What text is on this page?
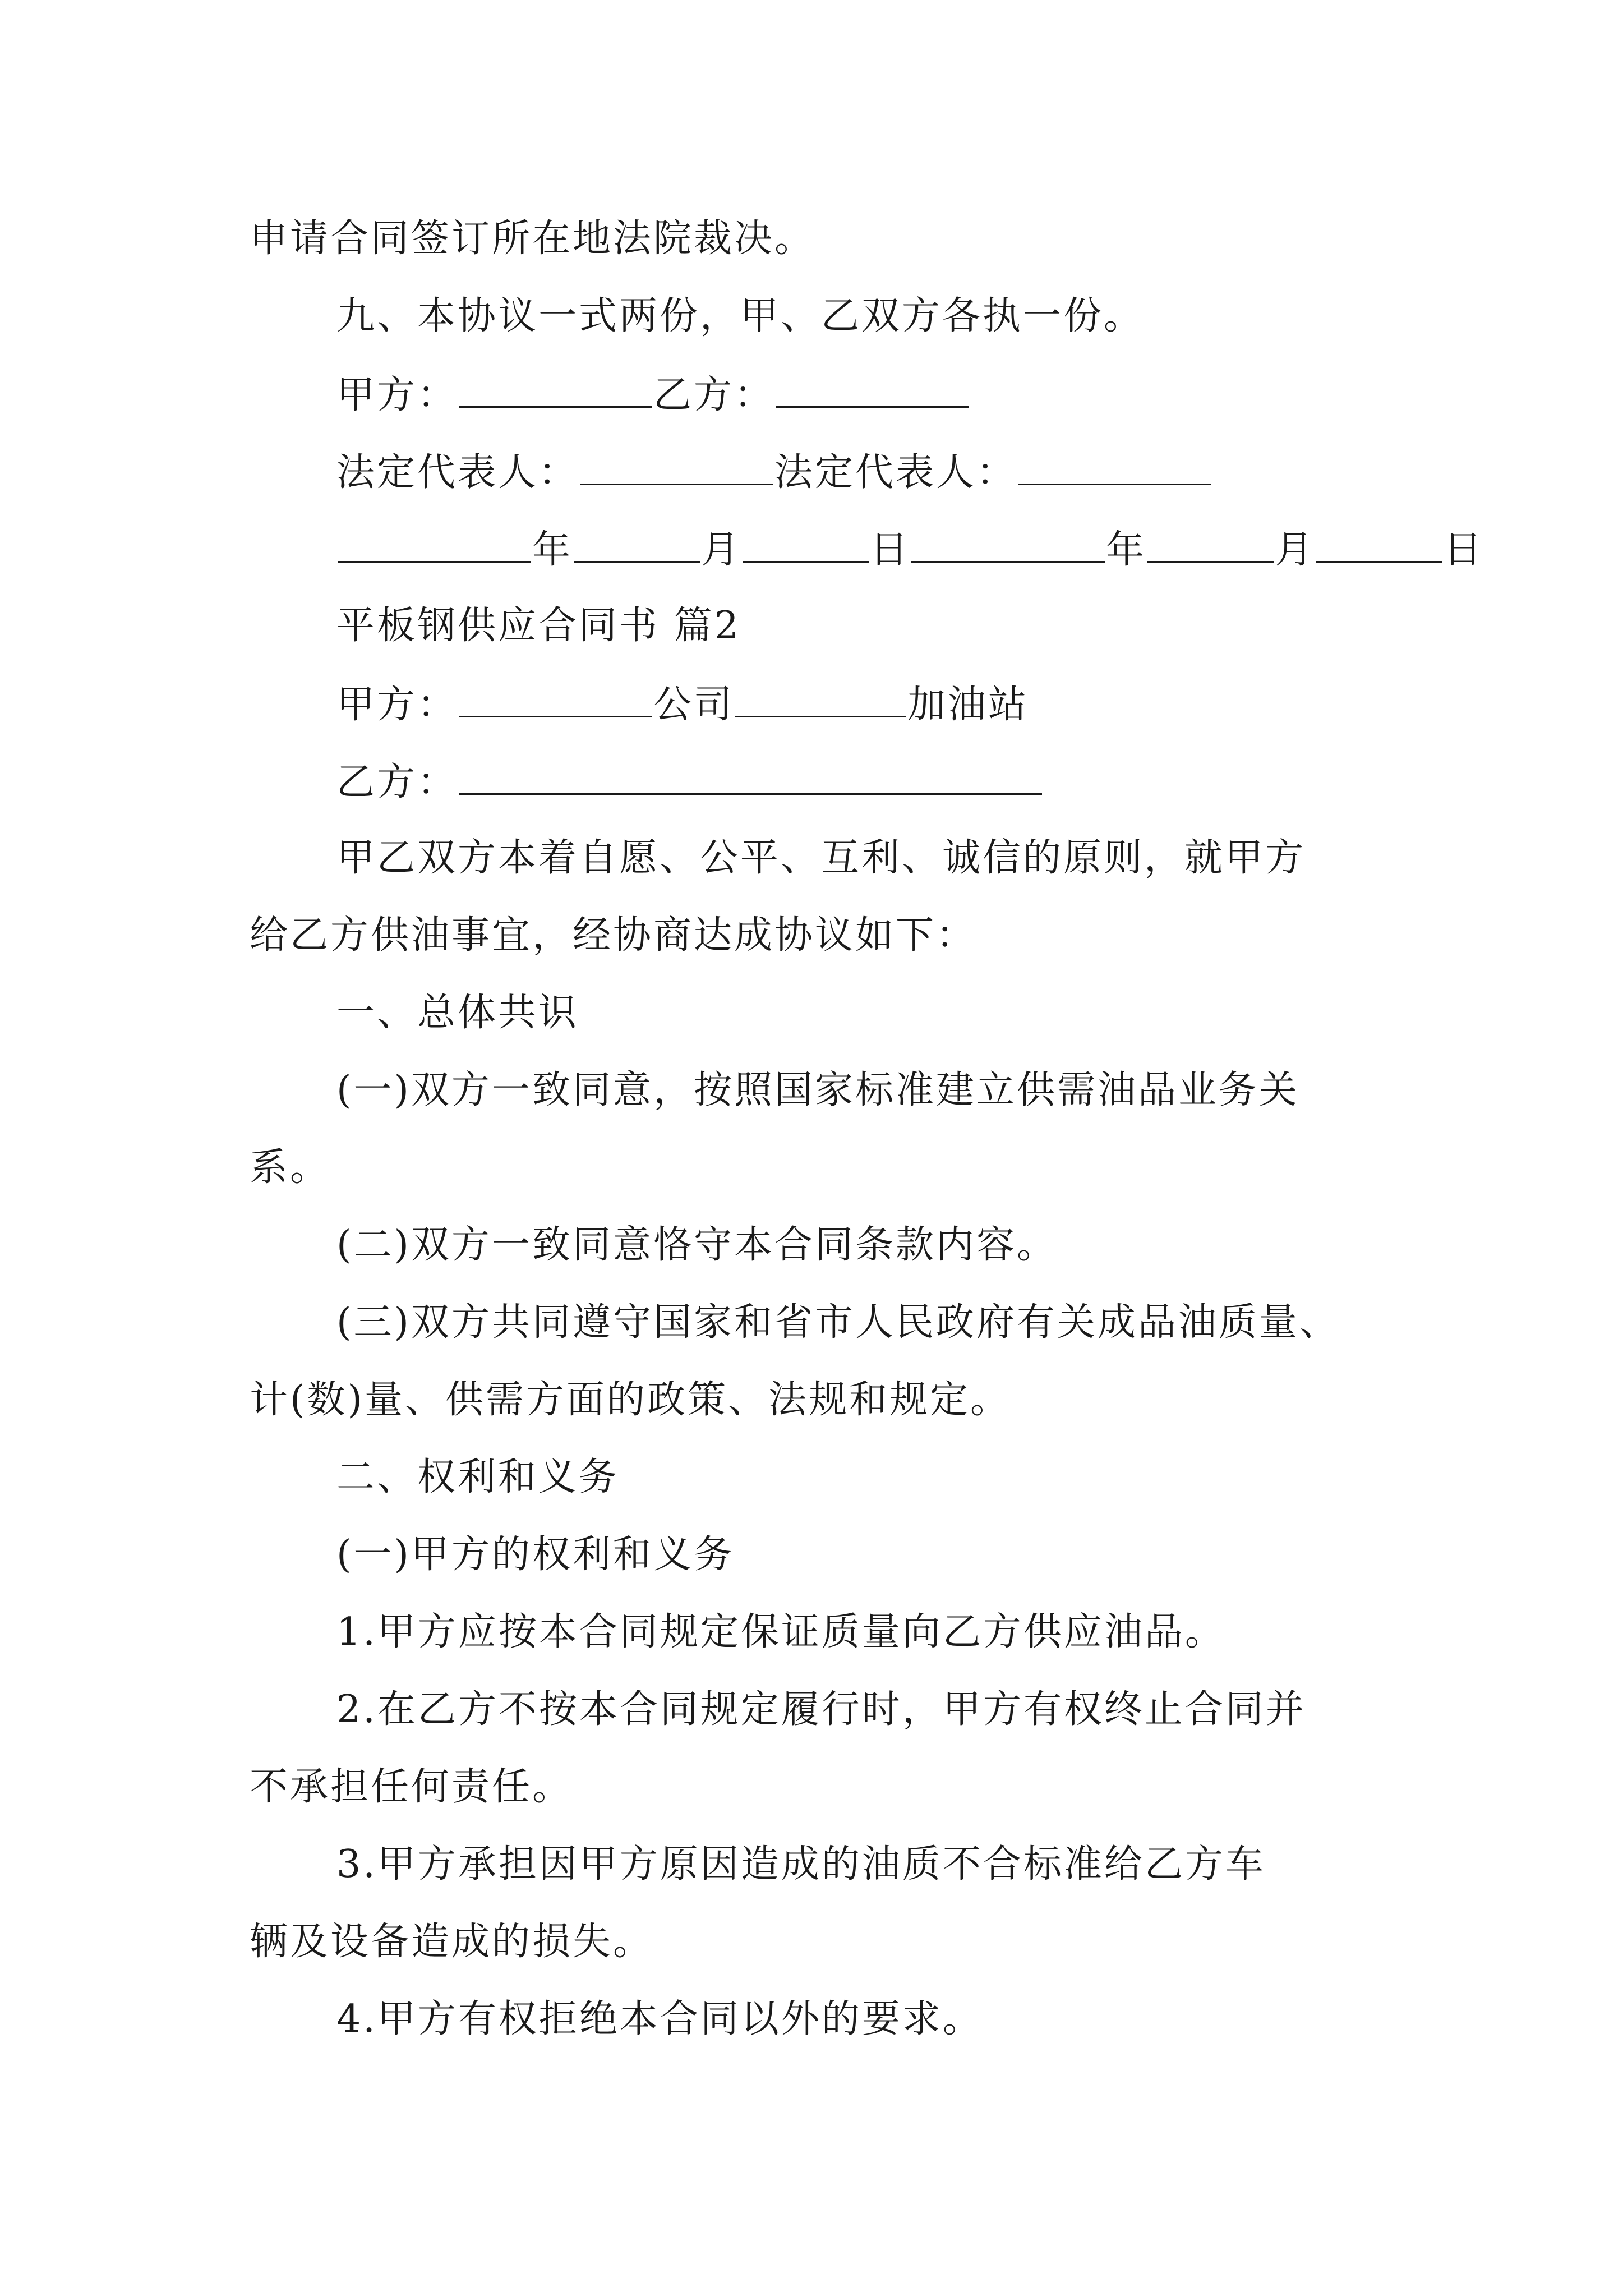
申请合同签订所在地法院裁决。
九、本协议一式两份，甲、乙双方各执一份。
甲方：	乙方：
法定代表人：	法定代表人：
年	月	日	年	月	日
平板钢供应合同书 篇2
甲方：	公司	加油站
乙方：
甲乙双方本着自愿、公平、互利、诚信的原则，就甲方
给乙方供油事宜，经协商达成协议如下：
一、总体共识
(一)双方一致同意，按照国家标准建立供需油品业务关
系。
(二)双方一致同意恪守本合同条款内容。
(三)双方共同遵守国家和省市人民政府有关成品油质量、
计(数)量、供需方面的政策、法规和规定。
二、权利和义务
(一)甲方的权利和义务
1.甲方应按本合同规定保证质量向乙方供应油品。
2.在乙方不按本合同规定履行时，甲方有权终止合同并
不承担任何责任。
3.甲方承担因甲方原因造成的油质不合标准给乙方车
辆及设备造成的损失。
4.甲方有权拒绝本合同以外的要求。
